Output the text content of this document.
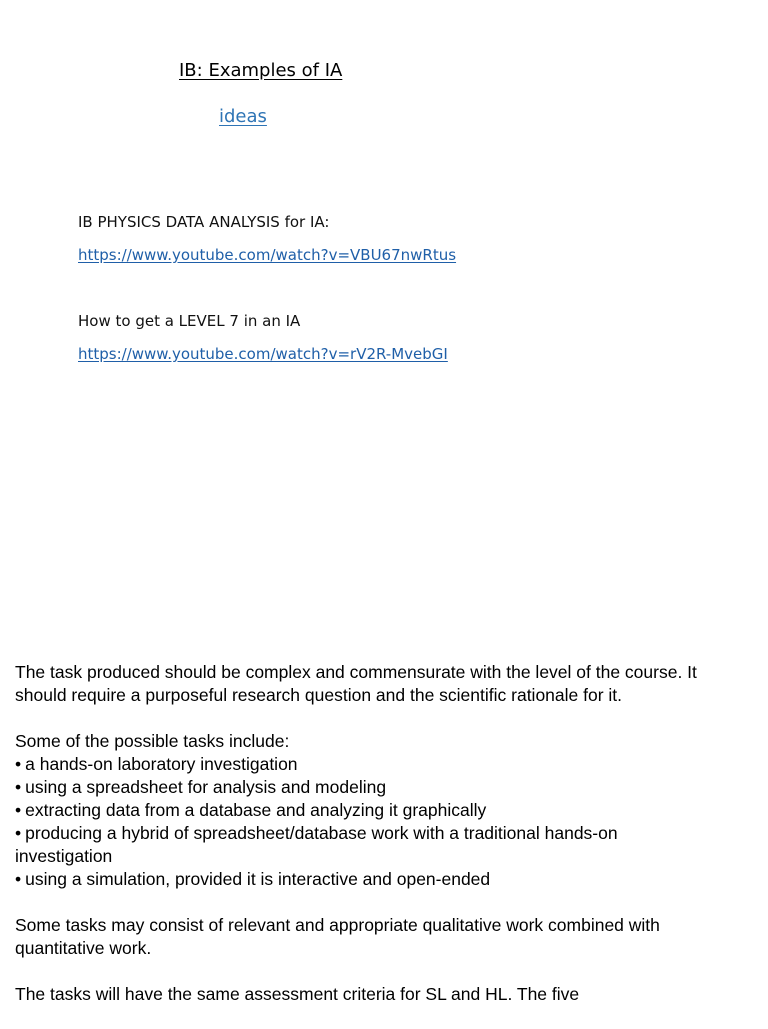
IB: Examples of IA
ideas
IB PHYSICS DATA ANALYSIS for IA:
https://www.youtube.com/watch?v=VBU67nwRtus
How to get a LEVEL 7 in an IA
https://www.youtube.com/watch?v=rV2R-MvebGI

The task produced should be complex and commensurate with the level of the course. It should require a purposeful research question and the scientific rationale for it.

Some of the possible tasks include:
• a hands-on laboratory investigation
• using a spreadsheet for analysis and modeling
• extracting data from a database and analyzing it graphically
• producing a hybrid of spreadsheet/database work with a traditional hands-on investigation
• using a simulation, provided it is interactive and open-ended

Some tasks may consist of relevant and appropriate qualitative work combined with quantitative work.

The tasks will have the same assessment criteria for SL and HL. The five
